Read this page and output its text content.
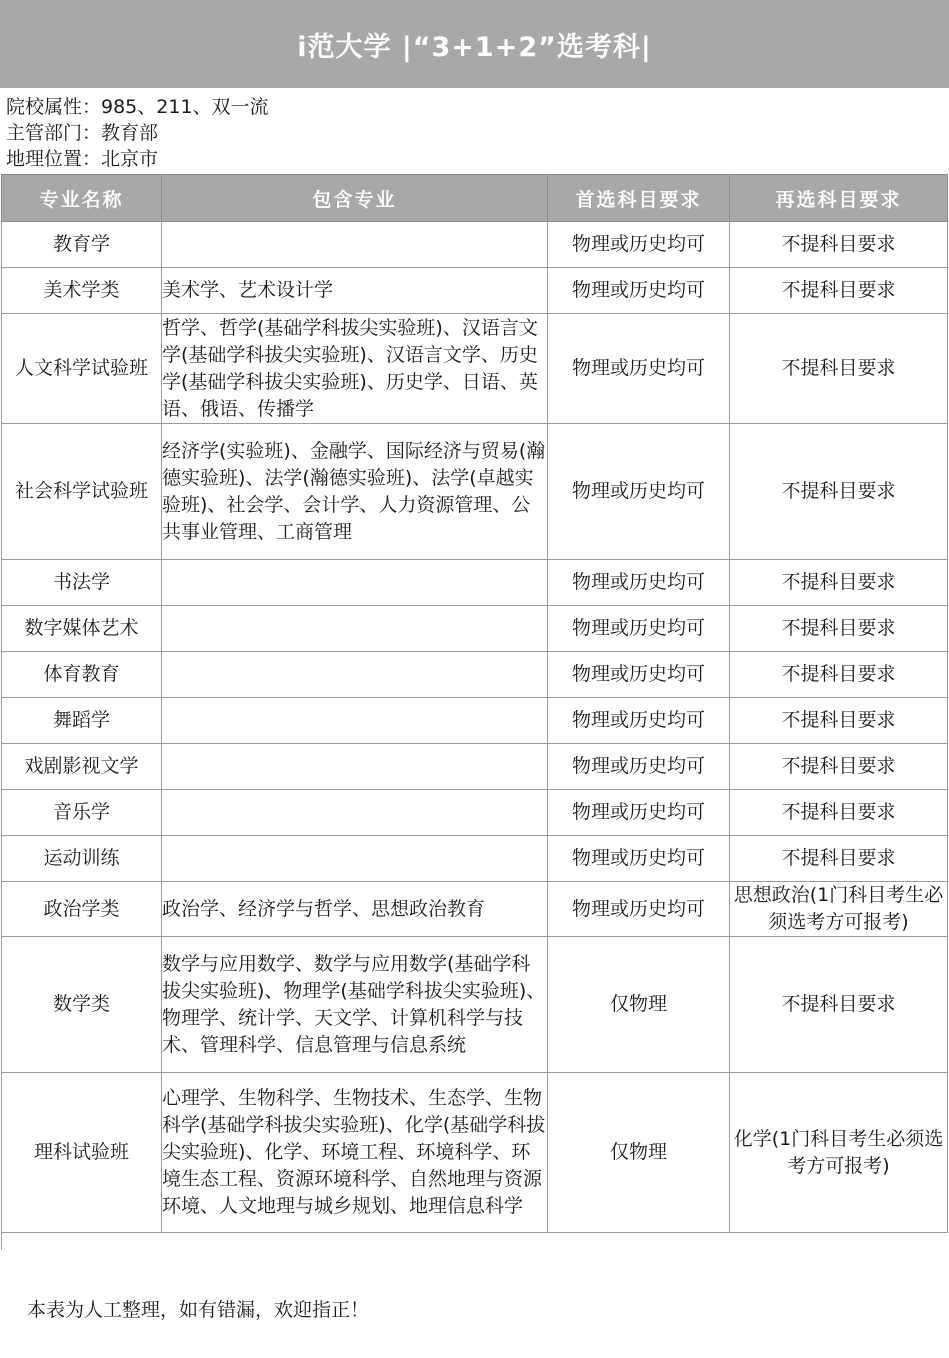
i范大学 |“3+1+2”选考科|
院校属性：985、211、双一流
主管部门：教育部
地理位置：北京市
专业名称	包含专业	首选科目要求	再选科目要求
教育学		物理或历史均可	不提科目要求
美术学类	美术学、艺术设计学	物理或历史均可	不提科目要求
人文科学试验班	哲学、哲学(基础学科拔尖实验班)、汉语言文学(基础学科拔尖实验班)、汉语言文学、历史学(基础学科拔尖实验班)、历史学、日语、英语、俄语、传播学	物理或历史均可	不提科目要求
社会科学试验班	经济学(实验班)、金融学、国际经济与贸易(瀚德实验班)、法学(瀚德实验班)、法学(卓越实验班)、社会学、会计学、人力资源管理、公共事业管理、工商管理	物理或历史均可	不提科目要求
书法学		物理或历史均可	不提科目要求
数字媒体艺术		物理或历史均可	不提科目要求
体育教育		物理或历史均可	不提科目要求
舞蹈学		物理或历史均可	不提科目要求
戏剧影视文学		物理或历史均可	不提科目要求
音乐学		物理或历史均可	不提科目要求
运动训练		物理或历史均可	不提科目要求
政治学类	政治学、经济学与哲学、思想政治教育	物理或历史均可	思想政治(1门科目考生必须选考方可报考)
数学类	数学与应用数学、数学与应用数学(基础学科拔尖实验班)、物理学(基础学科拔尖实验班)、物理学、统计学、天文学、计算机科学与技术、管理科学、信息管理与信息系统	仅物理	不提科目要求
理科试验班	心理学、生物科学、生物技术、生态学、生物科学(基础学科拔尖实验班)、化学(基础学科拔尖实验班)、化学、环境工程、环境科学、环境生态工程、资源环境科学、自然地理与资源环境、人文地理与城乡规划、地理信息科学	仅物理	化学(1门科目考生必须选考方可报考)
本表为人工整理，如有错漏，欢迎指正！
